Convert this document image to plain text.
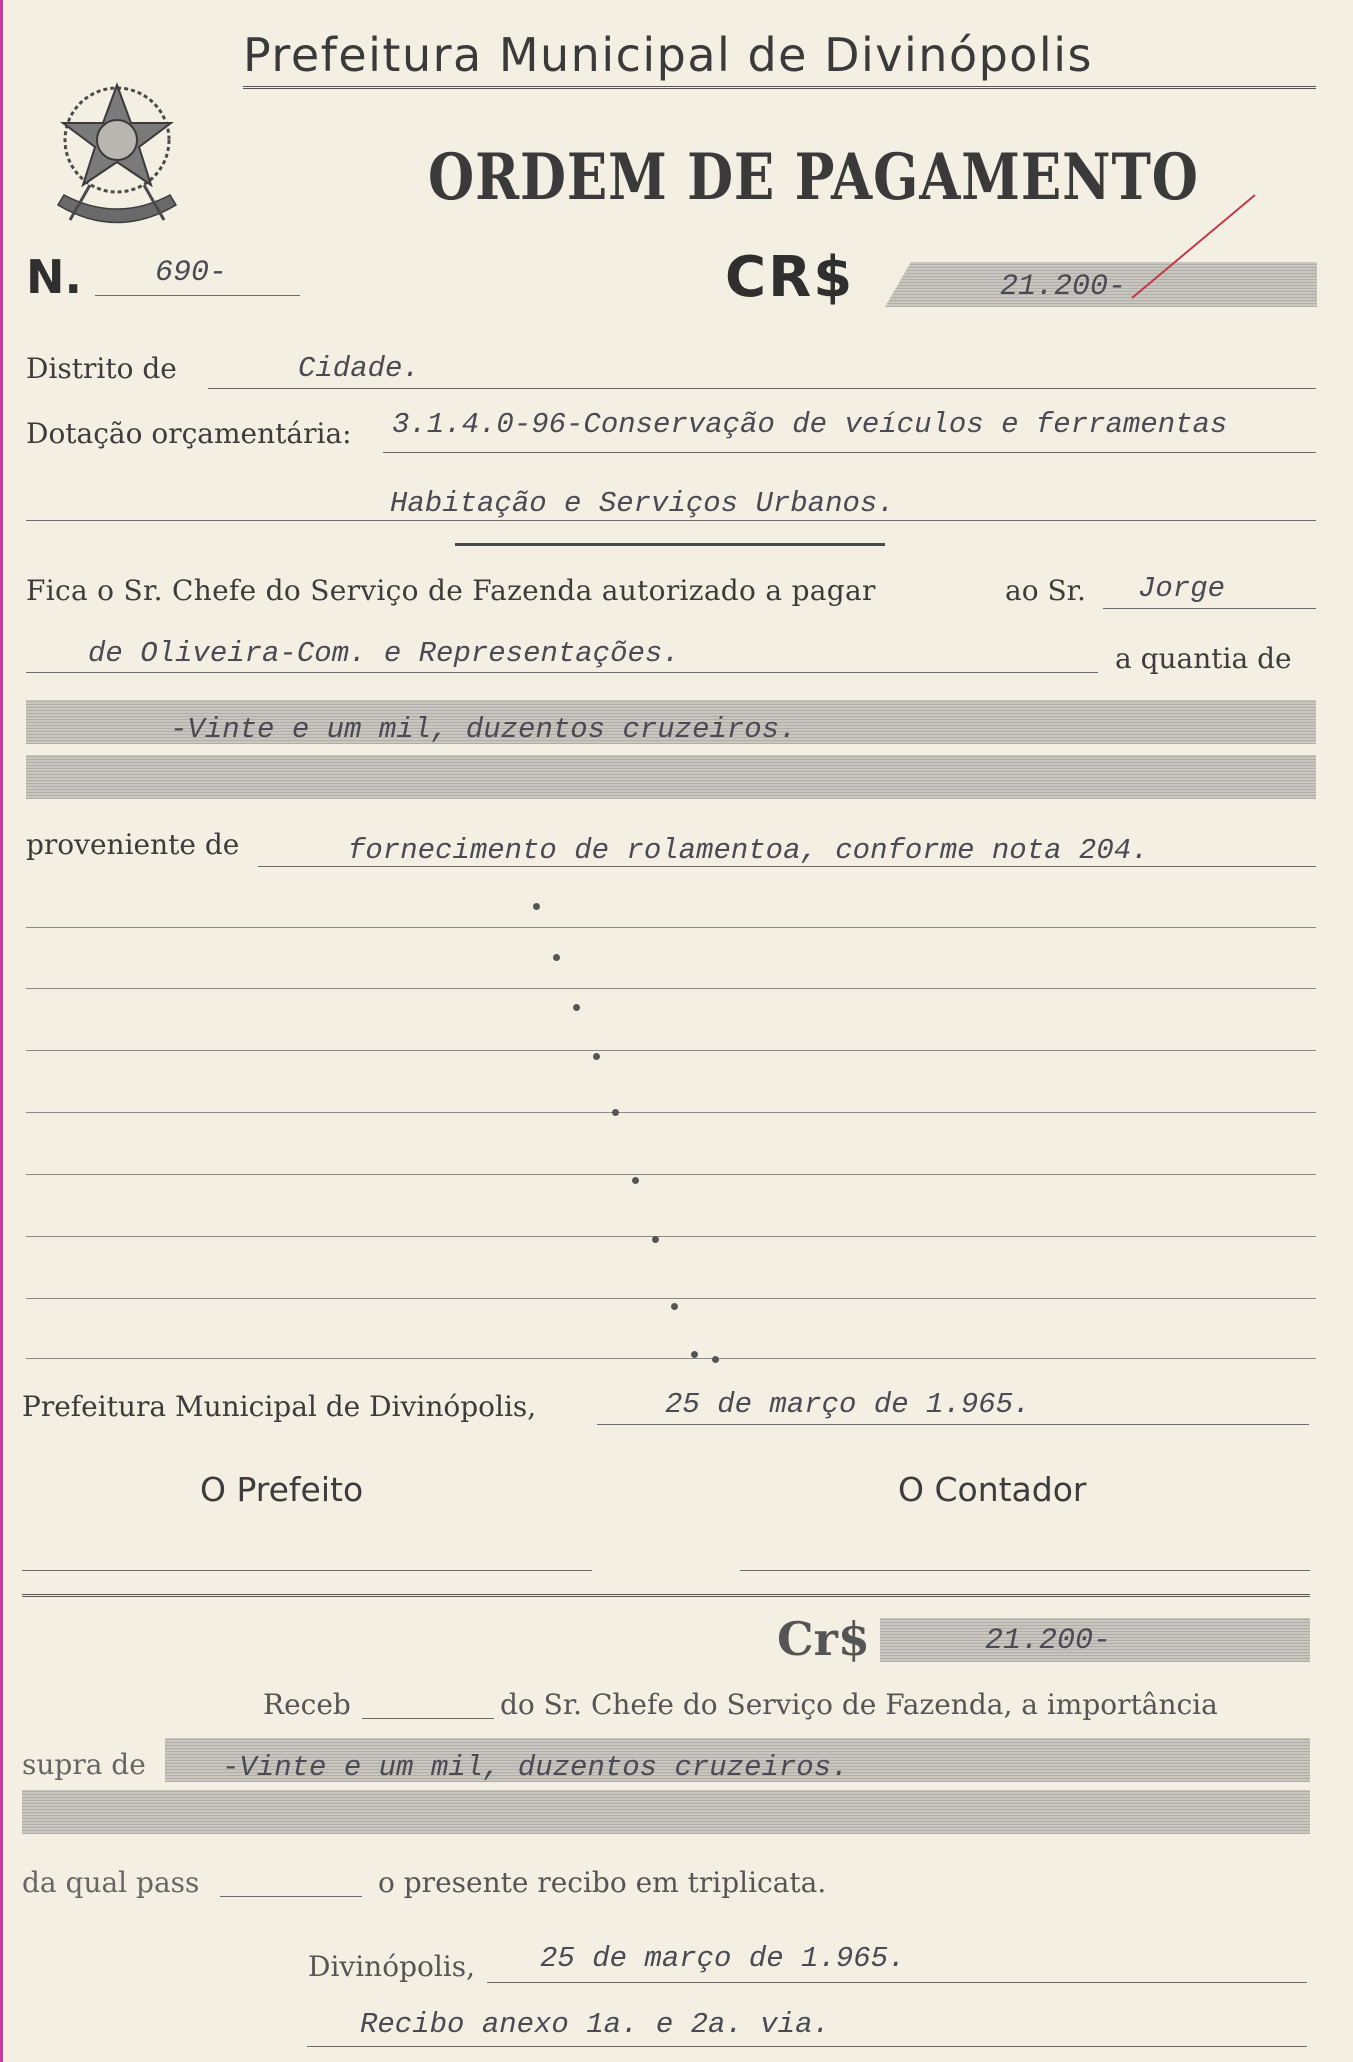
Prefeitura Municipal de Divinópolis
ORDEM DE PAGAMENTO
N. 690-	CR$	21.200-
Distrito de	Cidade.
Dotação orçamentária: 3.1.4.0-96-Conservação de veículos e ferramentas
Habitação e Serviços Urbanos.
Fica o Sr. Chefe do Serviço de Fazenda autorizado a pagar	ao Sr. Jorge
de Oliveira-Com. e Representações.	a quantia de
-Vinte e um mil, duzentos cruzeiros.
proveniente de	fornecimento de rolamentoa, conforme nota 204.
Prefeitura Municipal de Divinópolis,	25 de março de 1.965.
O Prefeito	O Contador
Cr$	21.200-
Receb	do Sr. Chefe do Serviço de Fazenda, a importância
supra de	-Vinte e um mil, duzentos cruzeiros.
da qual pass	o presente recibo em triplicata.
Divinópolis, 25 de março de 1.965.
Recibo anexo 1a. e 2a. via.
